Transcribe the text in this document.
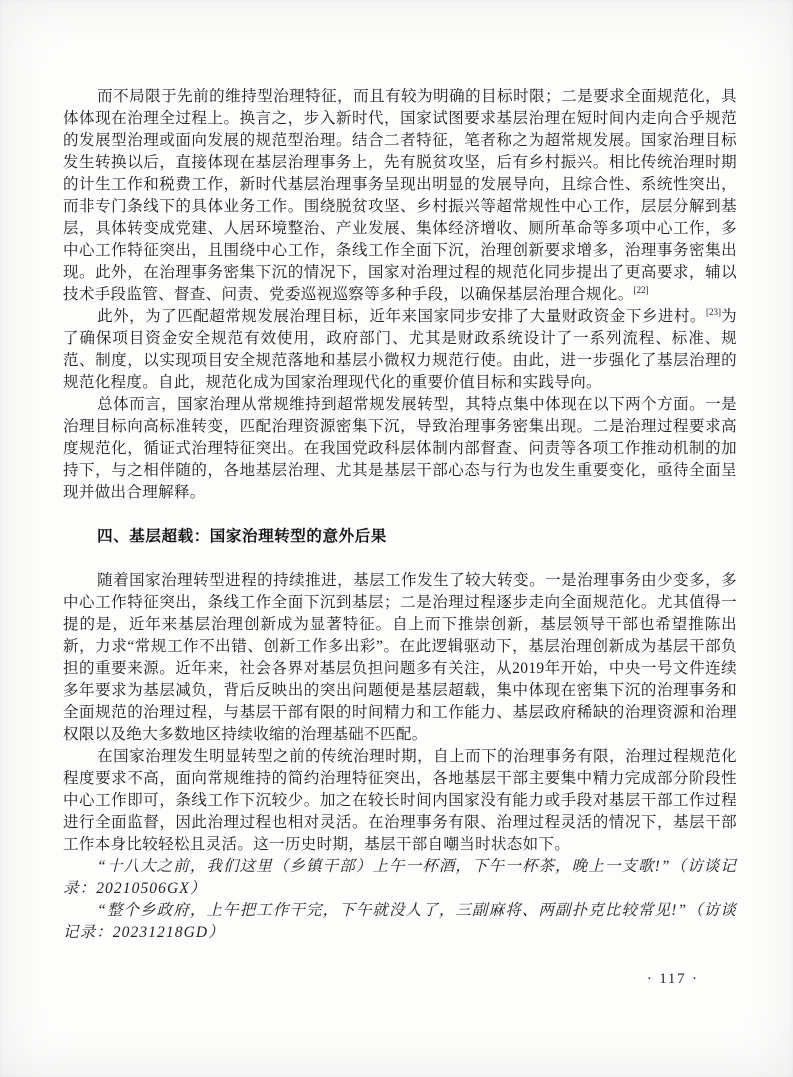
而不局限于先前的维持型治理特征，而且有较为明确的目标时限；二是要求全面规范化，具体体现在治理全过程上。换言之，步入新时代，国家试图要求基层治理在短时间内走向合乎规范的发展型治理或面向发展的规范型治理。结合二者特征，笔者称之为超常规发展。国家治理目标发生转换以后，直接体现在基层治理事务上，先有脱贫攻坚，后有乡村振兴。相比传统治理时期的计生工作和税费工作，新时代基层治理事务呈现出明显的发展导向，且综合性、系统性突出，而非专门条线下的具体业务工作。围绕脱贫攻坚、乡村振兴等超常规性中心工作，层层分解到基层，具体转变成党建、人居环境整治、产业发展、集体经济增收、厕所革命等多项中心工作，多中心工作特征突出，且围绕中心工作，条线工作全面下沉，治理创新要求增多，治理事务密集出现。此外，在治理事务密集下沉的情况下，国家对治理过程的规范化同步提出了更高要求，辅以技术手段监管、督查、问责、党委巡视巡察等多种手段，以确保基层治理合规化。[22]

此外，为了匹配超常规发展治理目标，近年来国家同步安排了大量财政资金下乡进村。[23]为了确保项目资金安全规范有效使用，政府部门、尤其是财政系统设计了一系列流程、标准、规范、制度，以实现项目安全规范落地和基层小微权力规范行使。由此，进一步强化了基层治理的规范化程度。自此，规范化成为国家治理现代化的重要价值目标和实践导向。

总体而言，国家治理从常规维持到超常规发展转型，其特点集中体现在以下两个方面。一是治理目标向高标准转变，匹配治理资源密集下沉，导致治理事务密集出现。二是治理过程要求高度规范化，循证式治理特征突出。在我国党政科层体制内部督查、问责等各项工作推动机制的加持下，与之相伴随的，各地基层治理、尤其是基层干部心态与行为也发生重要变化，亟待全面呈现并做出合理解释。

四、基层超载：国家治理转型的意外后果

随着国家治理转型进程的持续推进，基层工作发生了较大转变。一是治理事务由少变多，多中心工作特征突出，条线工作全面下沉到基层；二是治理过程逐步走向全面规范化。尤其值得一提的是，近年来基层治理创新成为显著特征。自上而下推崇创新，基层领导干部也希望推陈出新，力求“常规工作不出错、创新工作多出彩”。在此逻辑驱动下，基层治理创新成为基层干部负担的重要来源。近年来，社会各界对基层负担问题多有关注，从2019年开始，中央一号文件连续多年要求为基层减负，背后反映出的突出问题便是基层超载，集中体现在密集下沉的治理事务和全面规范的治理过程，与基层干部有限的时间精力和工作能力、基层政府稀缺的治理资源和治理权限以及绝大多数地区持续收缩的治理基础不匹配。

在国家治理发生明显转型之前的传统治理时期，自上而下的治理事务有限，治理过程规范化程度要求不高，面向常规维持的简约治理特征突出，各地基层干部主要集中精力完成部分阶段性中心工作即可，条线工作下沉较少。加之在较长时间内国家没有能力或手段对基层干部工作过程进行全面监督，因此治理过程也相对灵活。在治理事务有限、治理过程灵活的情况下，基层干部工作本身比较轻松且灵活。这一历史时期，基层干部自嘲当时状态如下。

“十八大之前，我们这里（乡镇干部）上午一杯酒，下午一杯茶，晚上一支歌!”（访谈记录：20210506GX）

“整个乡政府，上午把工作干完，下午就没人了，三副麻将、两副扑克比较常见!”（访谈记录：20231218GD）

· 117 ·
